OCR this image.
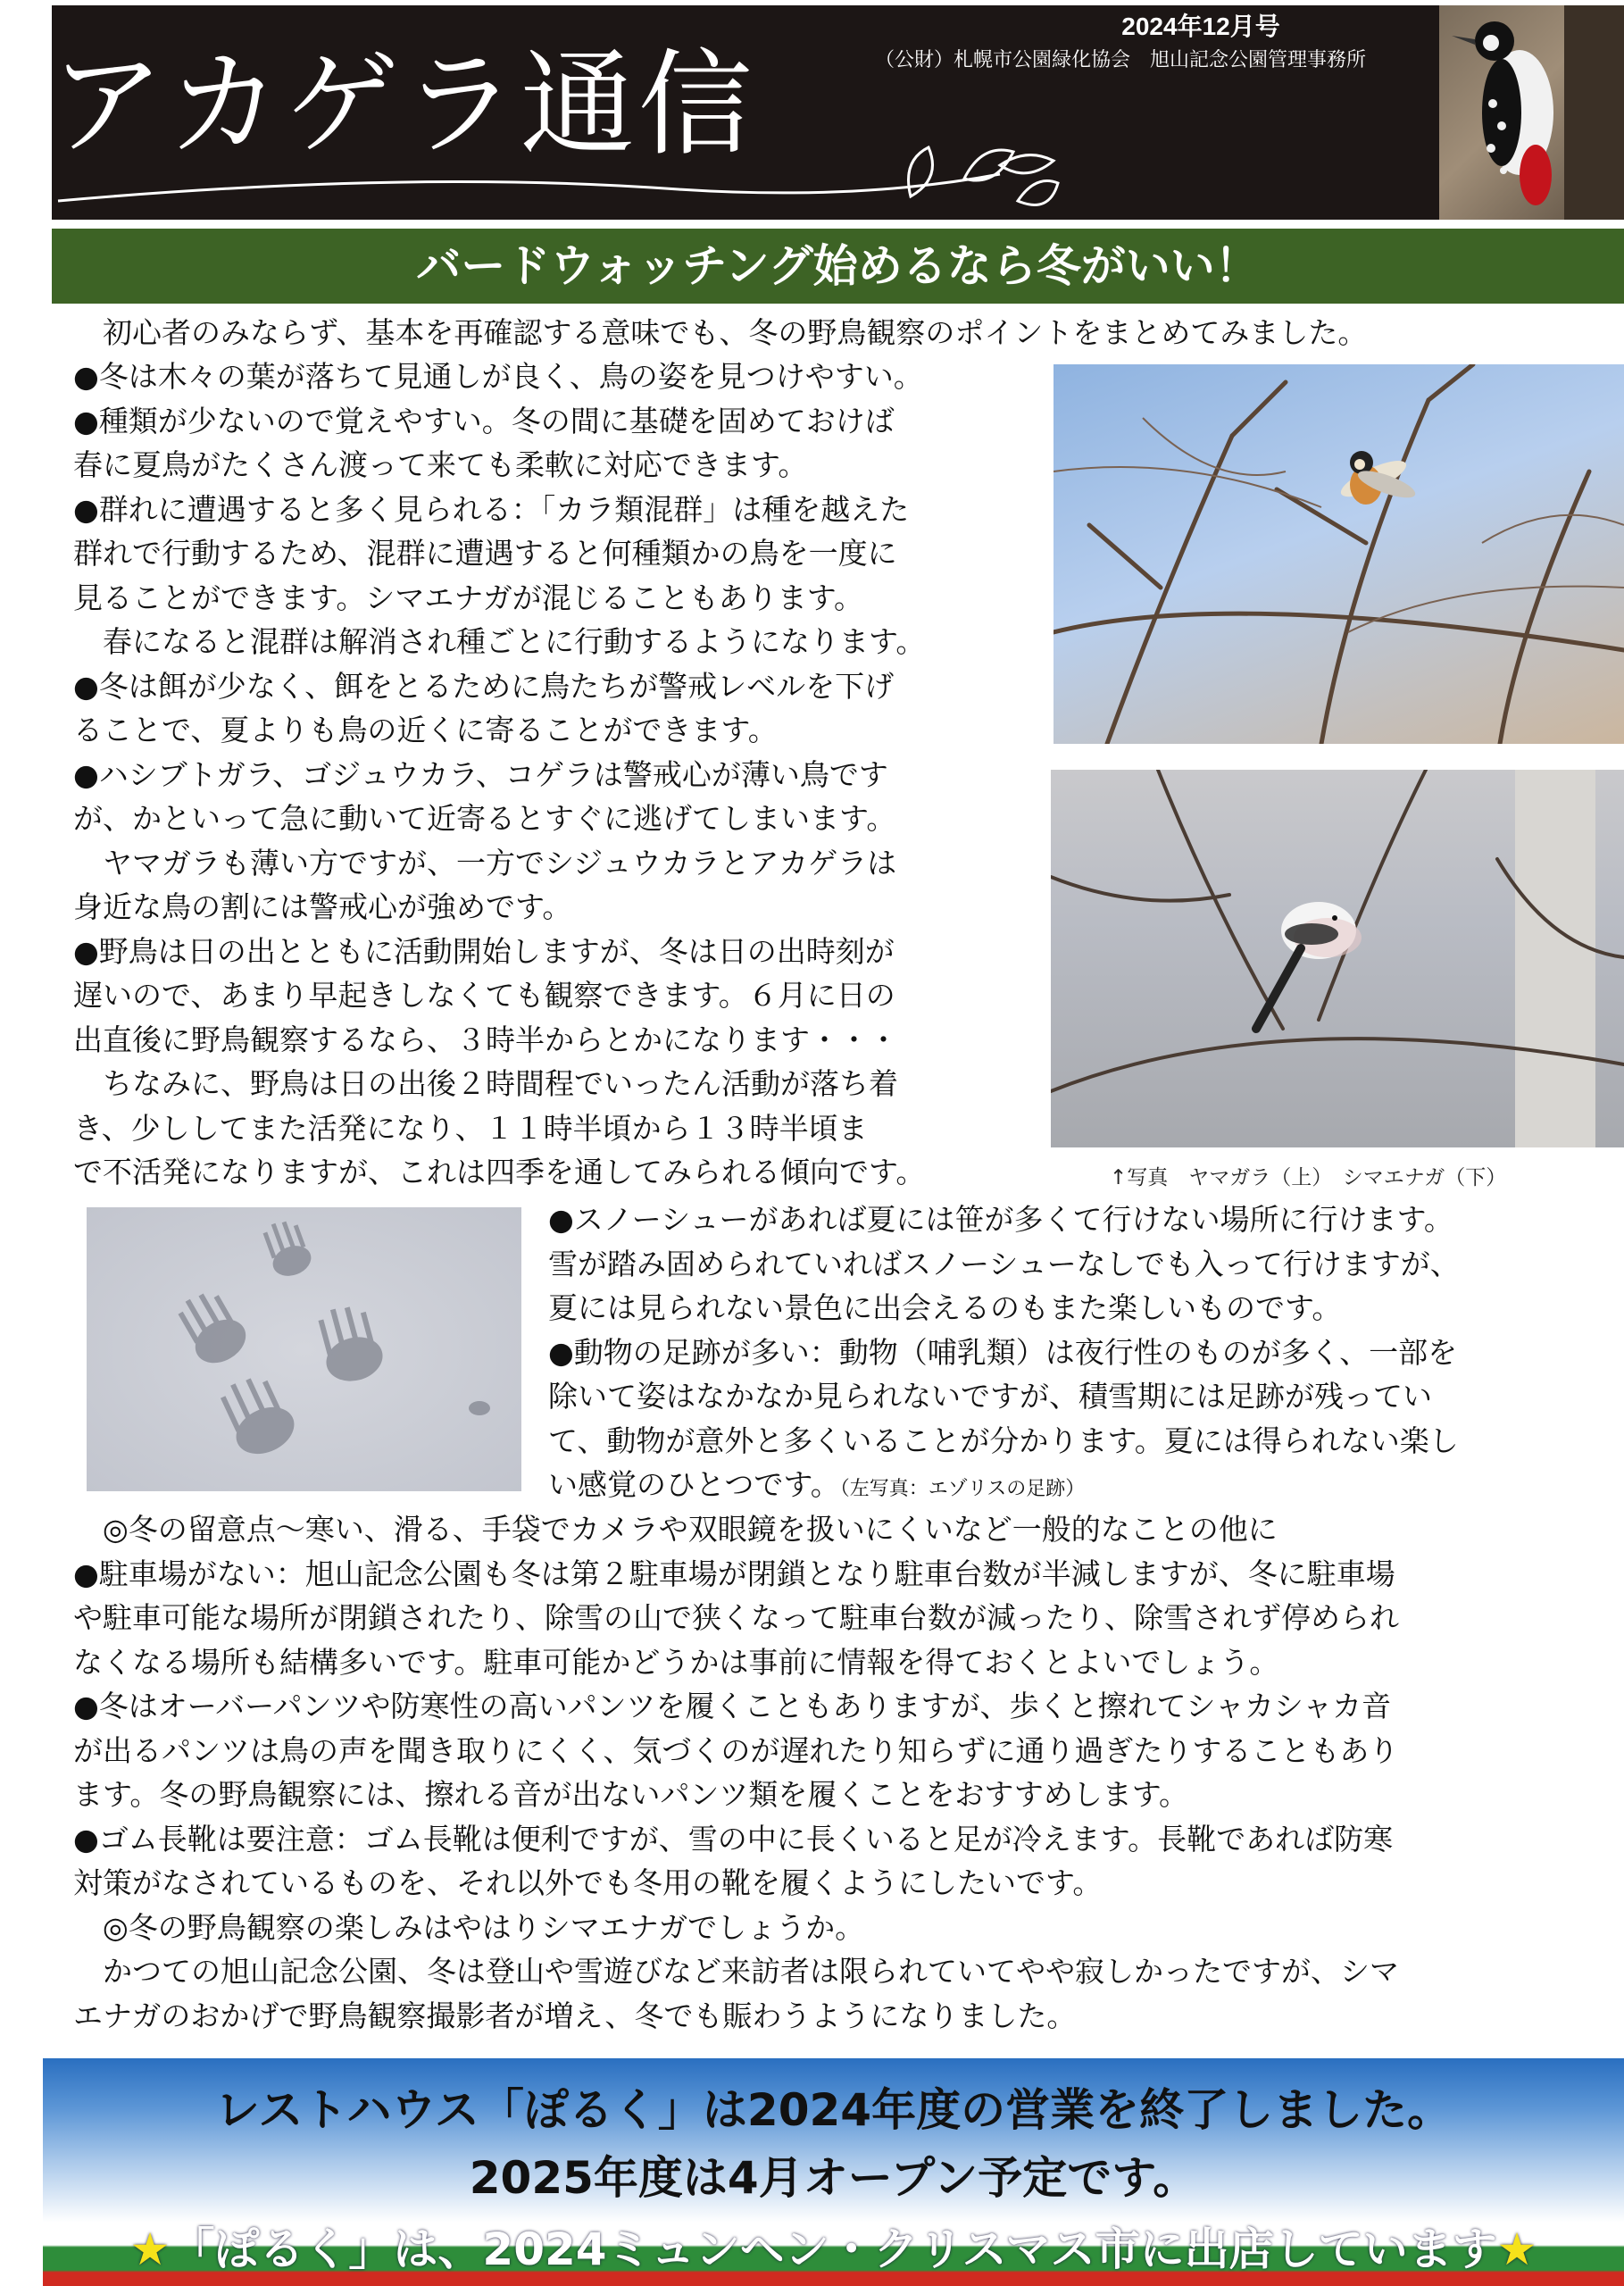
アカゲラ通信
2024年12月号
（公財）札幌市公園緑化協会　旭山記念公園管理事務所
バードウォッチング始めるなら冬がいい！
　初心者のみならず、基本を再確認する意味でも、冬の野鳥観察のポイントをまとめてみました。
●冬は木々の葉が落ちて見通しが良く、鳥の姿を見つけやすい。
●種類が少ないので覚えやすい。冬の間に基礎を固めておけば
春に夏鳥がたくさん渡って来ても柔軟に対応できます。
●群れに遭遇すると多く見られる：「カラ類混群」は種を越えた
群れで行動するため、混群に遭遇すると何種類かの鳥を一度に
見ることができます。シマエナガが混じることもあります。
　春になると混群は解消され種ごとに行動するようになります。
●冬は餌が少なく、餌をとるために鳥たちが警戒レベルを下げ
ることで、夏よりも鳥の近くに寄ることができます。
●ハシブトガラ、ゴジュウカラ、コゲラは警戒心が薄い鳥です
が、かといって急に動いて近寄るとすぐに逃げてしまいます。
　ヤマガラも薄い方ですが、一方でシジュウカラとアカゲラは
身近な鳥の割には警戒心が強めです。
●野鳥は日の出とともに活動開始しますが、冬は日の出時刻が
遅いので、あまり早起きしなくても観察できます。６月に日の
出直後に野鳥観察するなら、３時半からとかになります・・・
　ちなみに、野鳥は日の出後２時間程でいったん活動が落ち着
き、少ししてまた活発になり、１１時半頃から１３時半頃ま
で不活発になりますが、これは四季を通してみられる傾向です。	↑写真　ヤマガラ（上）　シマエナガ（下）
●スノーシューがあれば夏には笹が多くて行けない場所に行けます。
雪が踏み固められていればスノーシューなしでも入って行けますが、
夏には見られない景色に出会えるのもまた楽しいものです。
●動物の足跡が多い：動物（哺乳類）は夜行性のものが多く、一部を
除いて姿はなかなか見られないですが、積雪期には足跡が残ってい
て、動物が意外と多くいることが分かります。夏には得られない楽し
い感覚のひとつです。（左写真：エゾリスの足跡）
　◎冬の留意点～寒い、滑る、手袋でカメラや双眼鏡を扱いにくいなど一般的なことの他に
●駐車場がない：旭山記念公園も冬は第２駐車場が閉鎖となり駐車台数が半減しますが、冬に駐車場
や駐車可能な場所が閉鎖されたり、除雪の山で狭くなって駐車台数が減ったり、除雪されず停められ
なくなる場所も結構多いです。駐車可能かどうかは事前に情報を得ておくとよいでしょう。
●冬はオーバーパンツや防寒性の高いパンツを履くこともありますが、歩くと擦れてシャカシャカ音
が出るパンツは鳥の声を聞き取りにくく、気づくのが遅れたり知らずに通り過ぎたりすることもあり
ます。冬の野鳥観察には、擦れる音が出ないパンツ類を履くことをおすすめします。
●ゴム長靴は要注意：ゴム長靴は便利ですが、雪の中に長くいると足が冷えます。長靴であれば防寒
対策がなされているものを、それ以外でも冬用の靴を履くようにしたいです。
　◎冬の野鳥観察の楽しみはやはりシマエナガでしょうか。
　かつての旭山記念公園、冬は登山や雪遊びなど来訪者は限られていてやや寂しかったですが、シマ
エナガのおかげで野鳥観察撮影者が増え、冬でも賑わうようになりました。
レストハウス「ぽるく」は2024年度の営業を終了しました。
2025年度は4月オープン予定です。
★「ぽるく」は、2024ミュンヘン・クリスマス市に出店しています★
